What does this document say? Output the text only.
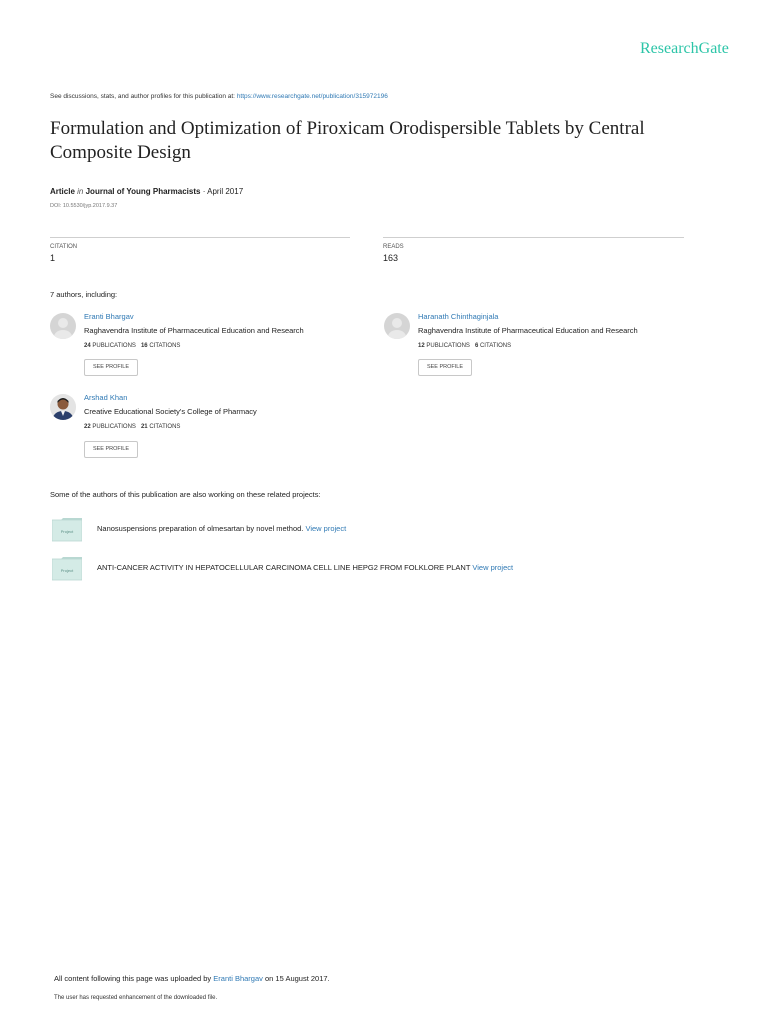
ResearchGate
See discussions, stats, and author profiles for this publication at: https://www.researchgate.net/publication/315972196
Formulation and Optimization of Piroxicam Orodispersible Tablets by Central Composite Design
Article in Journal of Young Pharmacists · April 2017
DOI: 10.5530/jyp.2017.9.37
CITATION
1
READS
163
7 authors, including:
Eranti Bhargav
Raghavendra Institute of Pharmaceutical Education and Research
24 PUBLICATIONS 16 CITATIONS
SEE PROFILE
Haranath Chinthaginjala
Raghavendra Institute of Pharmaceutical Education and Research
12 PUBLICATIONS 6 CITATIONS
SEE PROFILE
Arshad Khan
Creative Educational Society's College of Pharmacy
22 PUBLICATIONS 21 CITATIONS
SEE PROFILE
Some of the authors of this publication are also working on these related projects:
Project	Nanosuspensions preparation of olmesartan by novel method. View project
Project	ANTI-CANCER ACTIVITY IN HEPATOCELLULAR CARCINOMA CELL LINE HEPG2 FROM FOLKLORE PLANT View project
All content following this page was uploaded by Eranti Bhargav on 15 August 2017.
The user has requested enhancement of the downloaded file.
